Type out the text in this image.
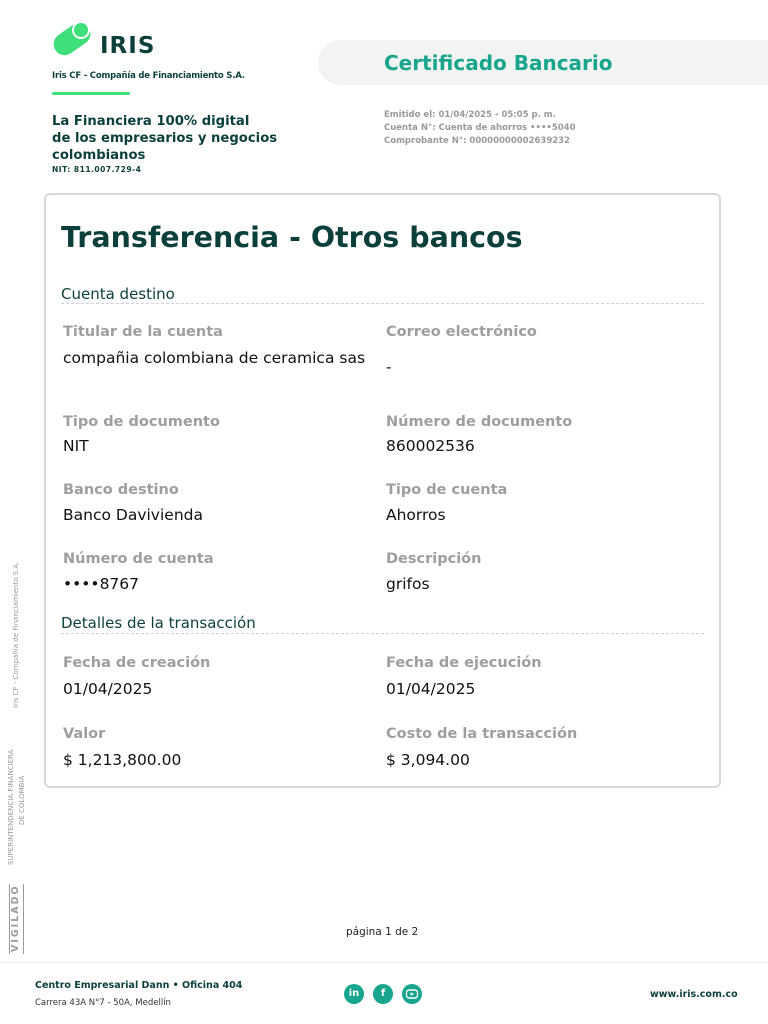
IRIS
Iris CF - Compañía de Financiamiento S.A.
La Financiera 100% digital
de los empresarios y negocios
colombianos
NIT: 811.007.729-4
Certificado Bancario
Emitido el: 01/04/2025 - 05:05 p. m.
Cuenta N°: Cuenta de ahorros ••••5040
Comprobante N°: 00000000002639232
Transferencia - Otros bancos
Cuenta destino
Titular de la cuenta
compañia colombiana de ceramica sas
Correo electrónico
-
Tipo de documento
NIT
Número de documento
860002536
Banco destino
Banco Davivienda
Tipo de cuenta
Ahorros
Número de cuenta
••••8767
Descripción
grifos
Detalles de la transacción
Fecha de creación
01/04/2025
Fecha de ejecución
01/04/2025
Valor
$ 1,213,800.00
Costo de la transacción
$ 3,094.00
Iris CF - Compañía de Financiamiento S.A.
SUPERINTENDENCIA FINANCIERA DE COLOMBIA
VIGILADO	página 1 de 2
Centro Empresarial Dann • Oficina 404
Carrera 43A N°7 - 50A, Medellín
in	f	www.iris.com.co
